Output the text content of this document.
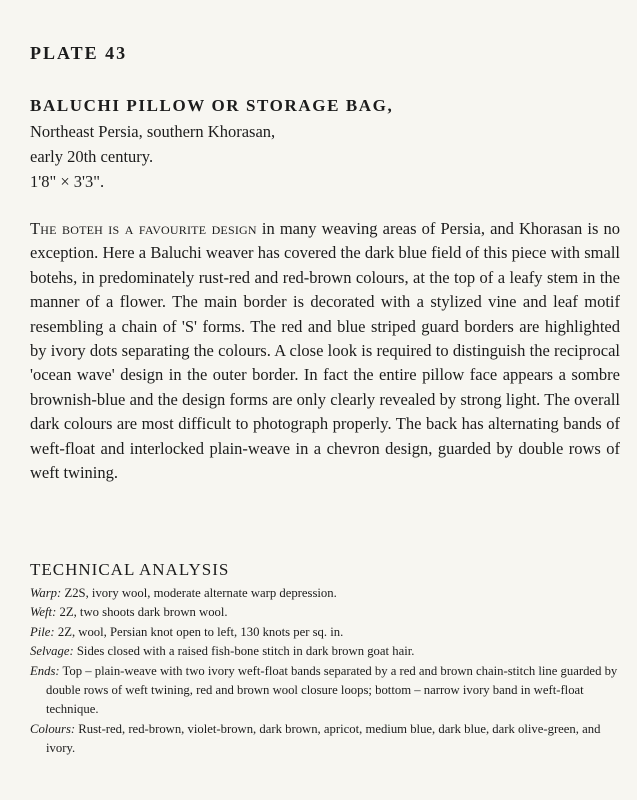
PLATE 43
BALUCHI PILLOW OR STORAGE BAG,
Northeast Persia, southern Khorasan,
early 20th century.
1'8" × 3'3".
The boteh is a favourite design in many weaving areas of Persia, and Khorasan is no exception. Here a Baluchi weaver has covered the dark blue field of this piece with small botehs, in predominately rust-red and red-brown colours, at the top of a leafy stem in the manner of a flower. The main border is decorated with a stylized vine and leaf motif resembling a chain of 'S' forms. The red and blue striped guard borders are highlighted by ivory dots separating the colours. A close look is required to distinguish the reciprocal 'ocean wave' design in the outer border. In fact the entire pillow face appears a sombre brownish-blue and the design forms are only clearly revealed by strong light. The overall dark colours are most difficult to photograph properly. The back has alternating bands of weft-float and interlocked plain-weave in a chevron design, guarded by double rows of weft twining.
TECHNICAL ANALYSIS
Warp: Z2S, ivory wool, moderate alternate warp depression.
Weft: 2Z, two shoots dark brown wool.
Pile: 2Z, wool, Persian knot open to left, 130 knots per sq. in.
Selvage: Sides closed with a raised fish-bone stitch in dark brown goat hair.
Ends: Top – plain-weave with two ivory weft-float bands separated by a red and brown chain-stitch line guarded by double rows of weft twining, red and brown wool closure loops; bottom – narrow ivory band in weft-float technique.
Colours: Rust-red, red-brown, violet-brown, dark brown, apricot, medium blue, dark blue, dark olive-green, and ivory.
